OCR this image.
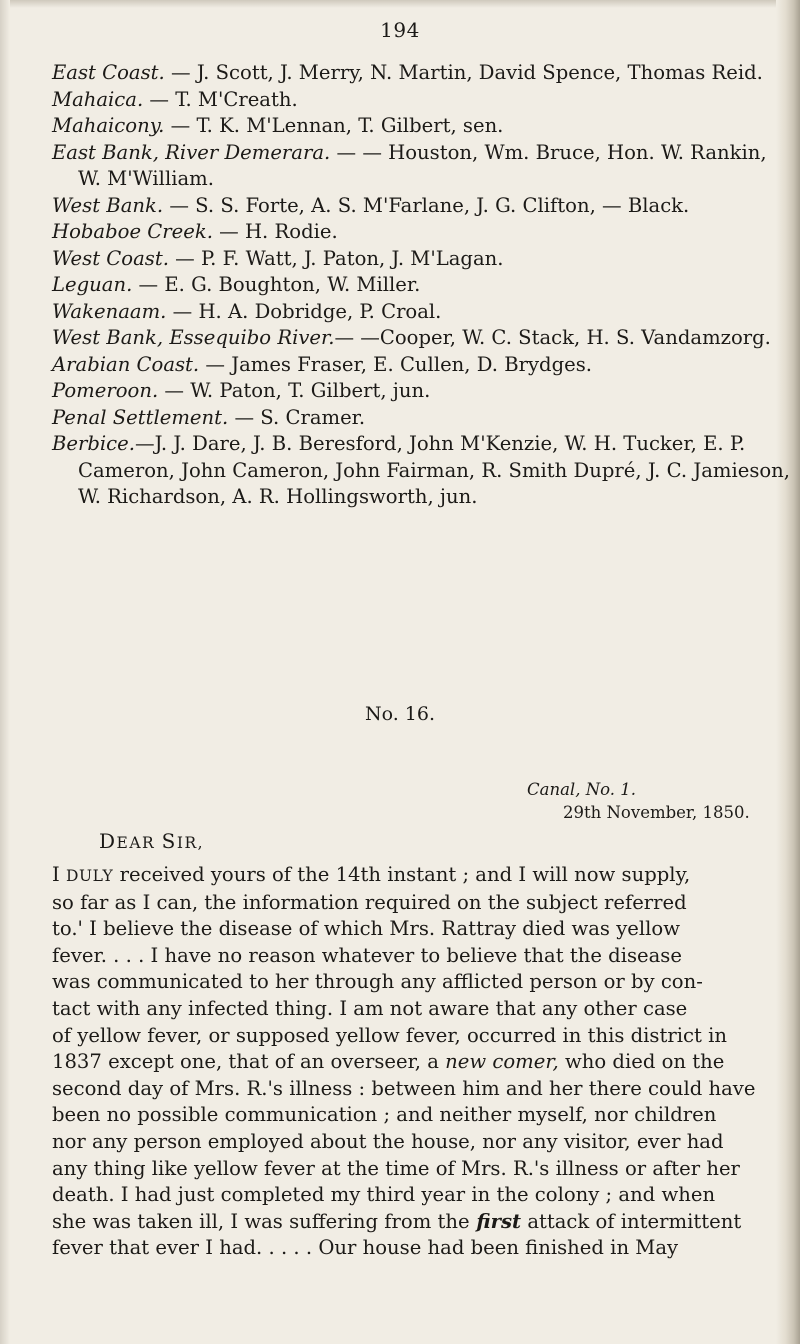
194

East Coast. — J. Scott, J. Merry, N. Martin, David Spence, Thomas Reid.

Mahaica. — T. M'Creath.

Mahaicony. — T. K. M'Lennan, T. Gilbert, sen.

East Bank, River Demerara. — — Houston, Wm. Bruce, Hon. W. Rankin, W. M'William.

West Bank. — S. S. Forte, A. S. M'Farlane, J. G. Clifton, — Black.

Hobaboe Creek. — H. Rodie.

West Coast. — P. F. Watt, J. Paton, J. M'Lagan.

Leguan. — E. G. Boughton, W. Miller.

Wakenaam. — H. A. Dobridge, P. Croal.

West Bank, Essequibo River.— —Cooper, W. C. Stack, H. S. Vandamzorg.

Arabian Coast. — James Fraser, E. Cullen, D. Brydges.

Pomeroon. — W. Paton, T. Gilbert, jun.

Penal Settlement. — S. Cramer.

Berbice.—J. J. Dare, J. B. Beresford, John M'Kenzie, W. H. Tucker, E. P. Cameron, John Cameron, John Fairman, R. Smith Dupré, J. C. Jamieson, W. Richardson, A. R. Hollingsworth, jun.

No. 16.
Canal, No. 1.
29th November, 1850.
DEAR SIR,
I DULY received yours of the 14th instant ; and I will now supply,
so far as I can, the information required on the subject referred
to.' I believe the disease of which Mrs. Rattray died was yellow
fever. . . . I have no reason whatever to believe that the disease
was communicated to her through any afflicted person or by con-
tact with any infected thing. I am not aware that any other case
of yellow fever, or supposed yellow fever, occurred in this district in
1837 except one, that of an overseer, a new comer, who died on the
second day of Mrs. R.'s illness : between him and her there could have
been no possible communication ; and neither myself, nor children
nor any person employed about the house, nor any visitor, ever had
any thing like yellow fever at the time of Mrs. R.'s illness or after her
death. I had just completed my third year in the colony ; and when
she was taken ill, I was suffering from the first attack of intermittent
fever that ever I had. . . . . Our house had been finished in May
